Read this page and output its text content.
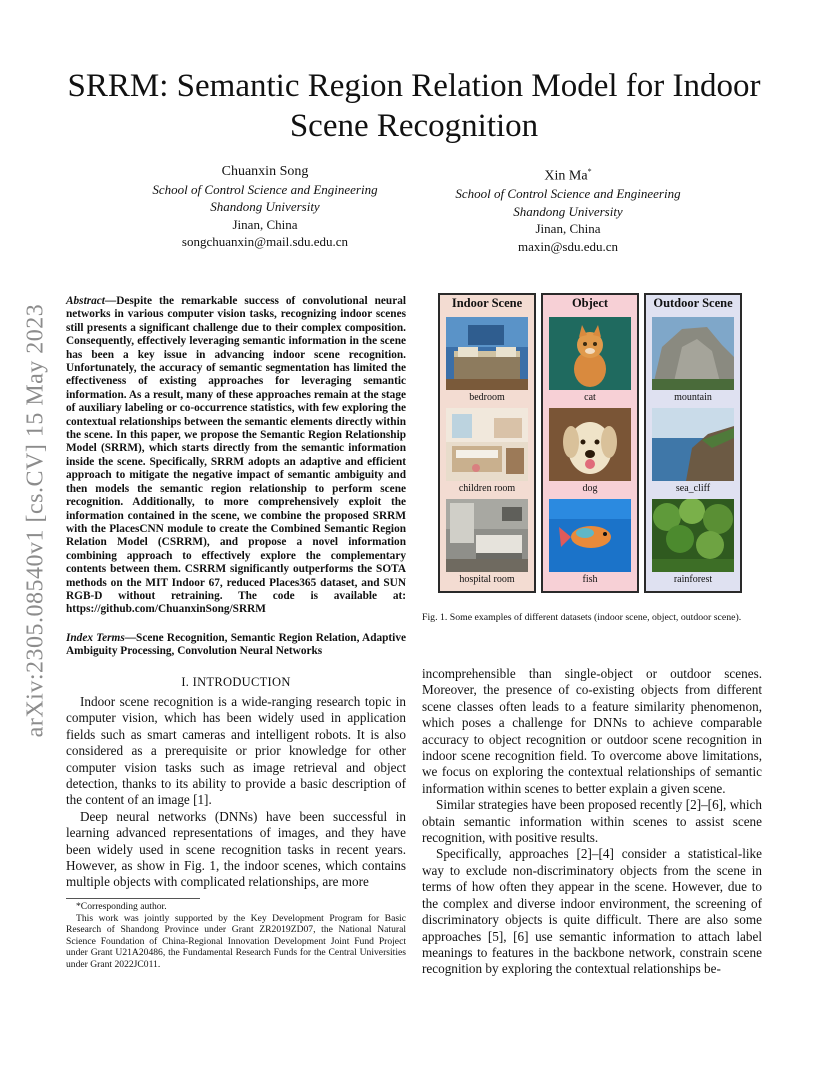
arXiv:2305.08540v1 [cs.CV] 15 May 2023
SRRM: Semantic Region Relation Model for Indoor Scene Recognition
Chuanxin Song
School of Control Science and Engineering
Shandong University
Jinan, China
songchuanxin@mail.sdu.edu.cn
Xin Ma*
School of Control Science and Engineering
Shandong University
Jinan, China
maxin@sdu.edu.cn

Abstract—Despite the remarkable success of convolutional neural networks in various computer vision tasks, recognizing indoor scenes still presents a significant challenge due to their complex composition. Consequently, effectively leveraging semantic information in the scene has been a key issue in advancing indoor scene recognition. Unfortunately, the accuracy of semantic segmentation has limited the effectiveness of existing approaches for leveraging semantic information. As a result, many of these approaches remain at the stage of auxiliary labeling or co-occurrence statistics, with few exploring the contextual relationships between the semantic elements directly within the scene. In this paper, we propose the Semantic Region Relationship Model (SRRM), which starts directly from the semantic information inside the scene. Specifically, SRRM adopts an adaptive and efficient approach to mitigate the negative impact of semantic ambiguity and then models the semantic region relationship to perform scene recognition. Additionally, to more comprehensively exploit the information contained in the scene, we combine the proposed SRRM with the PlacesCNN module to create the Combined Semantic Region Relation Model (CSRRM), and propose a novel information combining approach to effectively explore the complementary contents between them. CSRRM significantly outperforms the SOTA methods on the MIT Indoor 67, reduced Places365 dataset, and SUN RGB-D without retraining. The code is available at: https://github.com/ChuanxinSong/SRRM

Index Terms—Scene Recognition, Semantic Region Relation, Adaptive Ambiguity Processing, Convolution Neural Networks

I. INTRODUCTION

Indoor scene recognition is a wide-ranging research topic in computer vision, which has been widely used in application fields such as smart cameras and intelligent robots. It is also considered as a prerequisite or prior knowledge for other computer vision tasks such as image retrieval and object detection, thanks to its ability to provide a basic description of the content of an image [1].

Deep neural networks (DNNs) have been successful in learning advanced representations of images, and they have been widely used in scene recognition tasks in recent years. However, as show in Fig. 1, the indoor scenes, which contains multiple objects with complicated relationships, are more

*Corresponding author.

This work was jointly supported by the Key Development Program for Basic Research of Shandong Province under Grant ZR2019ZD07, the National Natural Science Foundation of China-Regional Innovation Development Joint Fund Project under Grant U21A20486, the Fundamental Research Funds for the Central Universities under Grant 2022JC011.

Indoor Scene
bedroom
children room
hospital room
Object
cat
dog
fish
Outdoor Scene
mountain
sea_cliff
rainforest

Fig. 1. Some examples of different datasets (indoor scene, object, outdoor scene).

incomprehensible than single-object or outdoor scenes. Moreover, the presence of co-existing objects from different scene classes often leads to a feature similarity phenomenon, which poses a challenge for DNNs to achieve comparable accuracy to object recognition or outdoor scene recognition in indoor scene recognition field. To overcome above limitations, we focus on exploring the contextual relationships of semantic information within scenes to better explain a given scene.

Similar strategies have been proposed recently [2]–[6], which obtain semantic information within scenes to assist scene recognition, with positive results.

Specifically, approaches [2]–[4] consider a statistical-like way to exclude non-discriminatory objects from the scene in terms of how often they appear in the scene. However, due to the complex and diverse indoor environment, the screening of discriminatory objects is quite difficult. There are also some approaches [5], [6] use semantic information to attach label meanings to features in the backbone network, constrain scene recognition by exploring the contextual relationships be-
